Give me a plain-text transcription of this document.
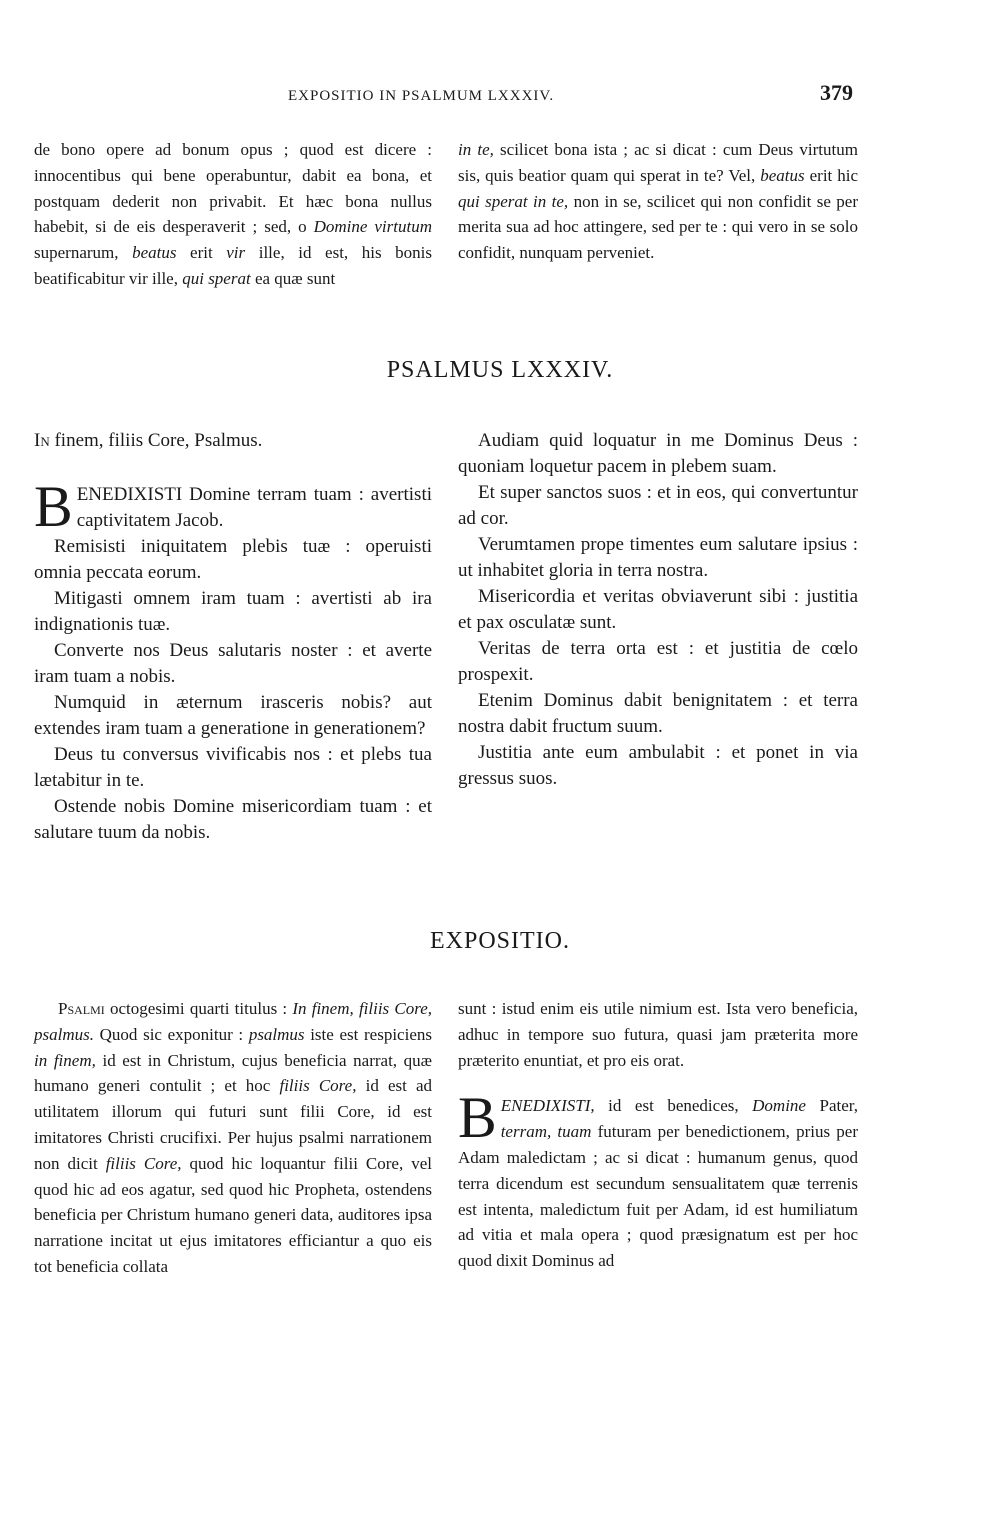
EXPOSITIO IN PSALMUM LXXXIV.	379

de bono opere ad bonum opus ; quod est dicere : innocentibus qui bene operabuntur, dabit ea bona, et postquam dederit non privabit. Et hæc bona nullus habebit, si de eis desperaverit ; sed, o Domine virtutum supernarum, beatus erit vir ille, id est, his bonis beatificabitur vir ille, qui sperat ea quæ sunt

in te, scilicet bona ista ; ac si dicat : cum Deus virtutum sis, quis beatior quam qui sperat in te? Vel, beatus erit hic qui sperat in te, non in se, scilicet qui non confidit se per merita sua ad hoc attingere, sed per te : qui vero in se solo confidit, nunquam perveniet.

PSALMUS LXXXIV.

In finem, filiis Core, Psalmus.

B ENEDIXISTI Domine terram tuam : avertisti captivitatem Jacob.

Remisisti iniquitatem plebis tuæ : operuisti omnia peccata eorum.

Mitigasti omnem iram tuam : avertisti ab ira indignationis tuæ.

Converte nos Deus salutaris noster : et averte iram tuam a nobis.

Numquid in æternum irasceris nobis? aut extendes iram tuam a generatione in generationem?

Deus tu conversus vivificabis nos : et plebs tua lætabitur in te.

Ostende nobis Domine misericordiam tuam : et salutare tuum da nobis.

Audiam quid loquatur in me Dominus Deus : quoniam loquetur pacem in plebem suam.

Et super sanctos suos : et in eos, qui convertuntur ad cor.

Verumtamen prope timentes eum salutare ipsius : ut inhabitet gloria in terra nostra.

Misericordia et veritas obviaverunt sibi : justitia et pax osculatæ sunt.

Veritas de terra orta est : et justitia de cœlo prospexit.

Etenim Dominus dabit benignitatem : et terra nostra dabit fructum suum.

Justitia ante eum ambulabit : et ponet in via gressus suos.

EXPOSITIO.

Psalmi octogesimi quarti titulus : In finem, filiis Core, psalmus. Quod sic exponitur : psalmus iste est respiciens in finem, id est in Christum, cujus beneficia narrat, quæ humano generi contulit ; et hoc filiis Core, id est ad utilitatem illorum qui futuri sunt filii Core, id est imitatores Christi crucifixi. Per hujus psalmi narrationem non dicit filiis Core, quod hic loquantur filii Core, vel quod hic ad eos agatur, sed quod hic Propheta, ostendens beneficia per Christum humano generi data, auditores ipsa narratione incitat ut ejus imitatores efficiantur a quo eis tot beneficia collata

sunt : istud enim eis utile nimium est. Ista vero beneficia, adhuc in tempore suo futura, quasi jam præterita more præterito enuntiat, et pro eis orat.

B ENEDIXISTI, id est benedices, Domine Pater, terram, tuam futuram per benedictionem, prius per Adam maledictam ; ac si dicat : humanum genus, quod terra dicendum est secundum sensualitatem quæ terrenis est intenta, maledictum fuit per Adam, id est humiliatum ad vitia et mala opera ; quod præsignatum est per hoc quod dixit Dominus ad
